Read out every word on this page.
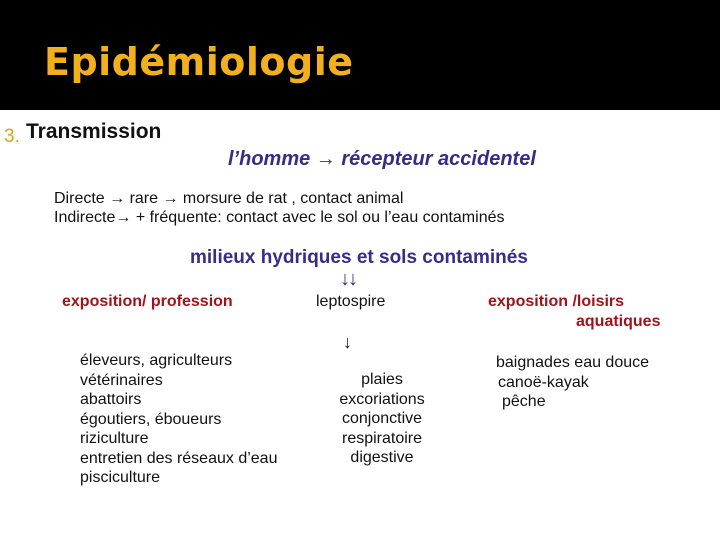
Epidémiologie
3. Transmission
l’homme → récepteur accidentel
Directe → rare → morsure de rat , contact animal
Indirecte→ + fréquente: contact avec le sol ou l’eau contaminés
milieux hydriques et sols contaminés
↓↓
exposition/ profession	leptospire	exposition /loisirs
aquatiques
↓
éleveurs, agriculteurs
vétérinaires
abattoirs
égoutiers, éboueurs
riziculture
entretien des réseaux d’eau
pisciculture
plaies
excoriations
conjonctive
respiratoire
digestive
baignades eau douce
canoë-kayak
pêche
